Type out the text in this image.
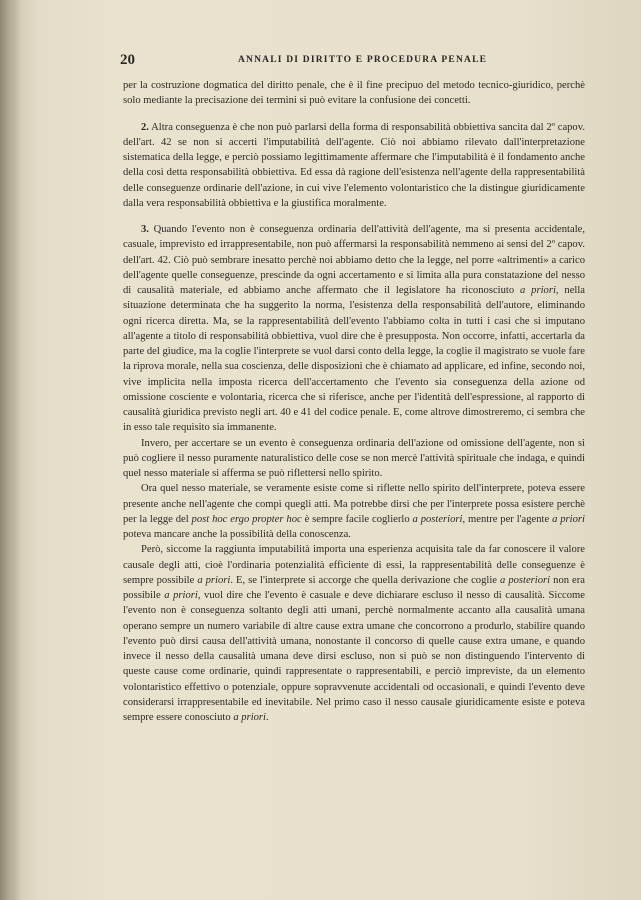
20	ANNALI DI DIRITTO E PROCEDURA PENALE

per la costruzione dogmatica del diritto penale, che è il fine precipuo del metodo tecnico-giuridico, perchè solo mediante la precisazione dei termini si può evitare la confusione dei concetti.

2. Altra conseguenza è che non può parlarsi della forma di responsabilità obbiettiva sancita dal 2º capov. dell'art. 42 se non si accerti l'imputabilità dell'agente. Ciò noi abbiamo rilevato dall'interpretazione sistematica della legge, e perciò possiamo legittimamente affermare che l'imputabilità è il fondamento anche della così detta responsabilità obbiettiva. Ed essa dà ragione dell'esistenza nell'agente della rappresentabilità delle conseguenze ordinarie dell'azione, in cui vive l'elemento volontaristico che la distingue giuridicamente dalla vera responsabilità obbiettiva e la giustifica moralmente.

3. Quando l'evento non è conseguenza ordinaria dell'attività dell'agente, ma si presenta accidentale, casuale, imprevisto ed irrappresentabile, non può affermarsi la responsabilità nemmeno ai sensi del 2º capov. dell'art. 42. Ciò può sembrare inesatto perchè noi abbiamo detto che la legge, nel porre «altrimenti» a carico dell'agente quelle conseguenze, prescinde da ogni accertamento e si limita alla pura constatazione del nesso di causalità materiale, ed abbiamo anche affermato che il legislatore ha riconosciuto a priori, nella situazione determinata che ha suggerito la norma, l'esistenza della responsabilità dell'autore, eliminando ogni ricerca diretta. Ma, se la rappresentabilità dell'evento l'abbiamo colta in tutti i casi che si imputano all'agente a titolo di responsabilità obbiettiva, vuol dire che è presupposta. Non occorre, infatti, accertarla da parte del giudice, ma la coglie l'interprete se vuol darsi conto della legge, la coglie il magistrato se vuole fare la riprova morale, nella sua coscienza, delle disposizioni che è chiamato ad applicare, ed infine, secondo noi, vive implicita nella imposta ricerca dell'accertamento che l'evento sia conseguenza della azione od omissione cosciente e volontaria, ricerca che si riferisce, anche per l'identità dell'espressione, al rapporto di causalità giuridica previsto negli art. 40 e 41 del codice penale. E, come altrove dimostreremo, ci sembra che in esso tale requisito sia immanente.

Invero, per accertare se un evento è conseguenza ordinaria dell'azione od omissione dell'agente, non si può cogliere il nesso puramente naturalistico delle cose se non mercè l'attività spirituale che indaga, e quindi quel nesso materiale si afferma se può riflettersi nello spirito.

Ora quel nesso materiale, se veramente esiste come si riflette nello spirito dell'interprete, poteva essere presente anche nell'agente che compì quegli atti. Ma potrebbe dirsi che per l'interprete possa esistere perchè per la legge del post hoc ergo propter hoc è sempre facile coglierlo a posteriori, mentre per l'agente a priori poteva mancare anche la possibilità della conoscenza.

Però, siccome la raggiunta imputabilità importa una esperienza acquisita tale da far conoscere il valore causale degli atti, cioè l'ordinaria potenzialità efficiente di essi, la rappresentabilità delle conseguenze è sempre possibile a priori. E, se l'interprete si accorge che quella derivazione che coglie a posteriori non era possibile a priori, vuol dire che l'evento è casuale e deve dichiarare escluso il nesso di causalità. Siccome l'evento non è conseguenza soltanto degli atti umani, perchè normalmente accanto alla causalità umana operano sempre un numero variabile di altre cause extra umane che concorrono a produrlo, stabilire quando l'evento può dirsi causa dell'attività umana, nonostante il concorso di quelle cause extra umane, e quando invece il nesso della causalità umana deve dirsi escluso, non si può se non distinguendo l'intervento di queste cause come ordinarie, quindi rappresentate o rappresentabili, e perciò impreviste, da un elemento volontaristico effettivo o potenziale, oppure sopravvenute accidentali od occasionali, e quindi l'evento deve considerarsi irrappresentabile ed inevitabile. Nel primo caso il nesso causale giuridicamente esiste e poteva sempre essere conosciuto a priori.
